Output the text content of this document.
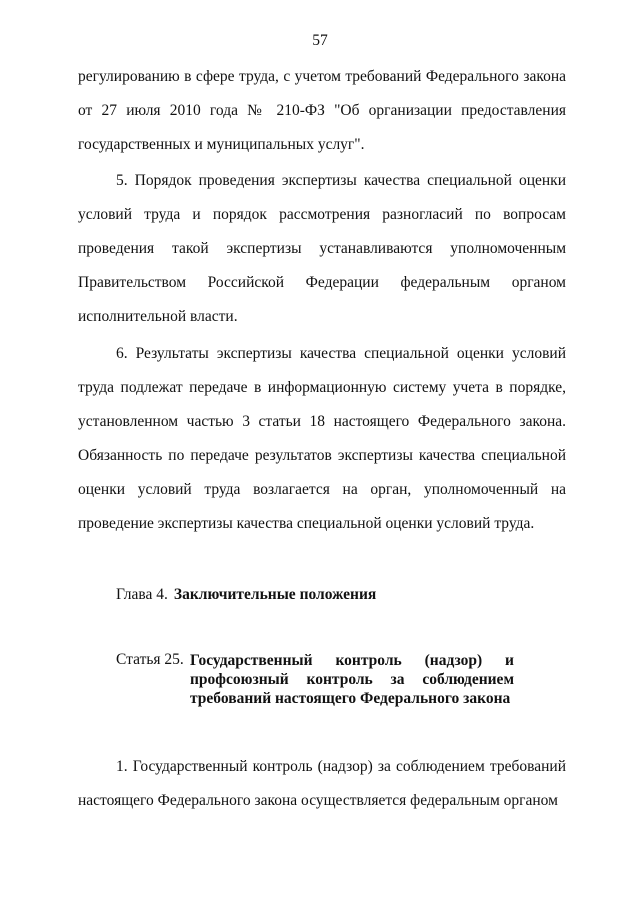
57

регулированию в сфере труда, с учетом требований Федерального закона от 27 июля 2010 года № 210-ФЗ "Об организации предоставления государственных и муниципальных услуг".

5. Порядок проведения экспертизы качества специальной оценки условий труда и порядок рассмотрения разногласий по вопросам проведения такой экспертизы устанавливаются уполномоченным Правительством Российской Федерации федеральным органом исполнительной власти.

6. Результаты экспертизы качества специальной оценки условий труда подлежат передаче в информационную систему учета в порядке, установленном частью 3 статьи 18 настоящего Федерального закона. Обязанность по передаче результатов экспертизы качества специальной оценки условий труда возлагается на орган, уполномоченный на проведение экспертизы качества специальной оценки условий труда.

Глава 4. Заключительные положения
Статья 25. Государственный контроль (надзор) и профсоюзный контроль за соблюдением требований настоящего Федерального закона

1. Государственный контроль (надзор) за соблюдением требований настоящего Федерального закона осуществляется федеральным органом
